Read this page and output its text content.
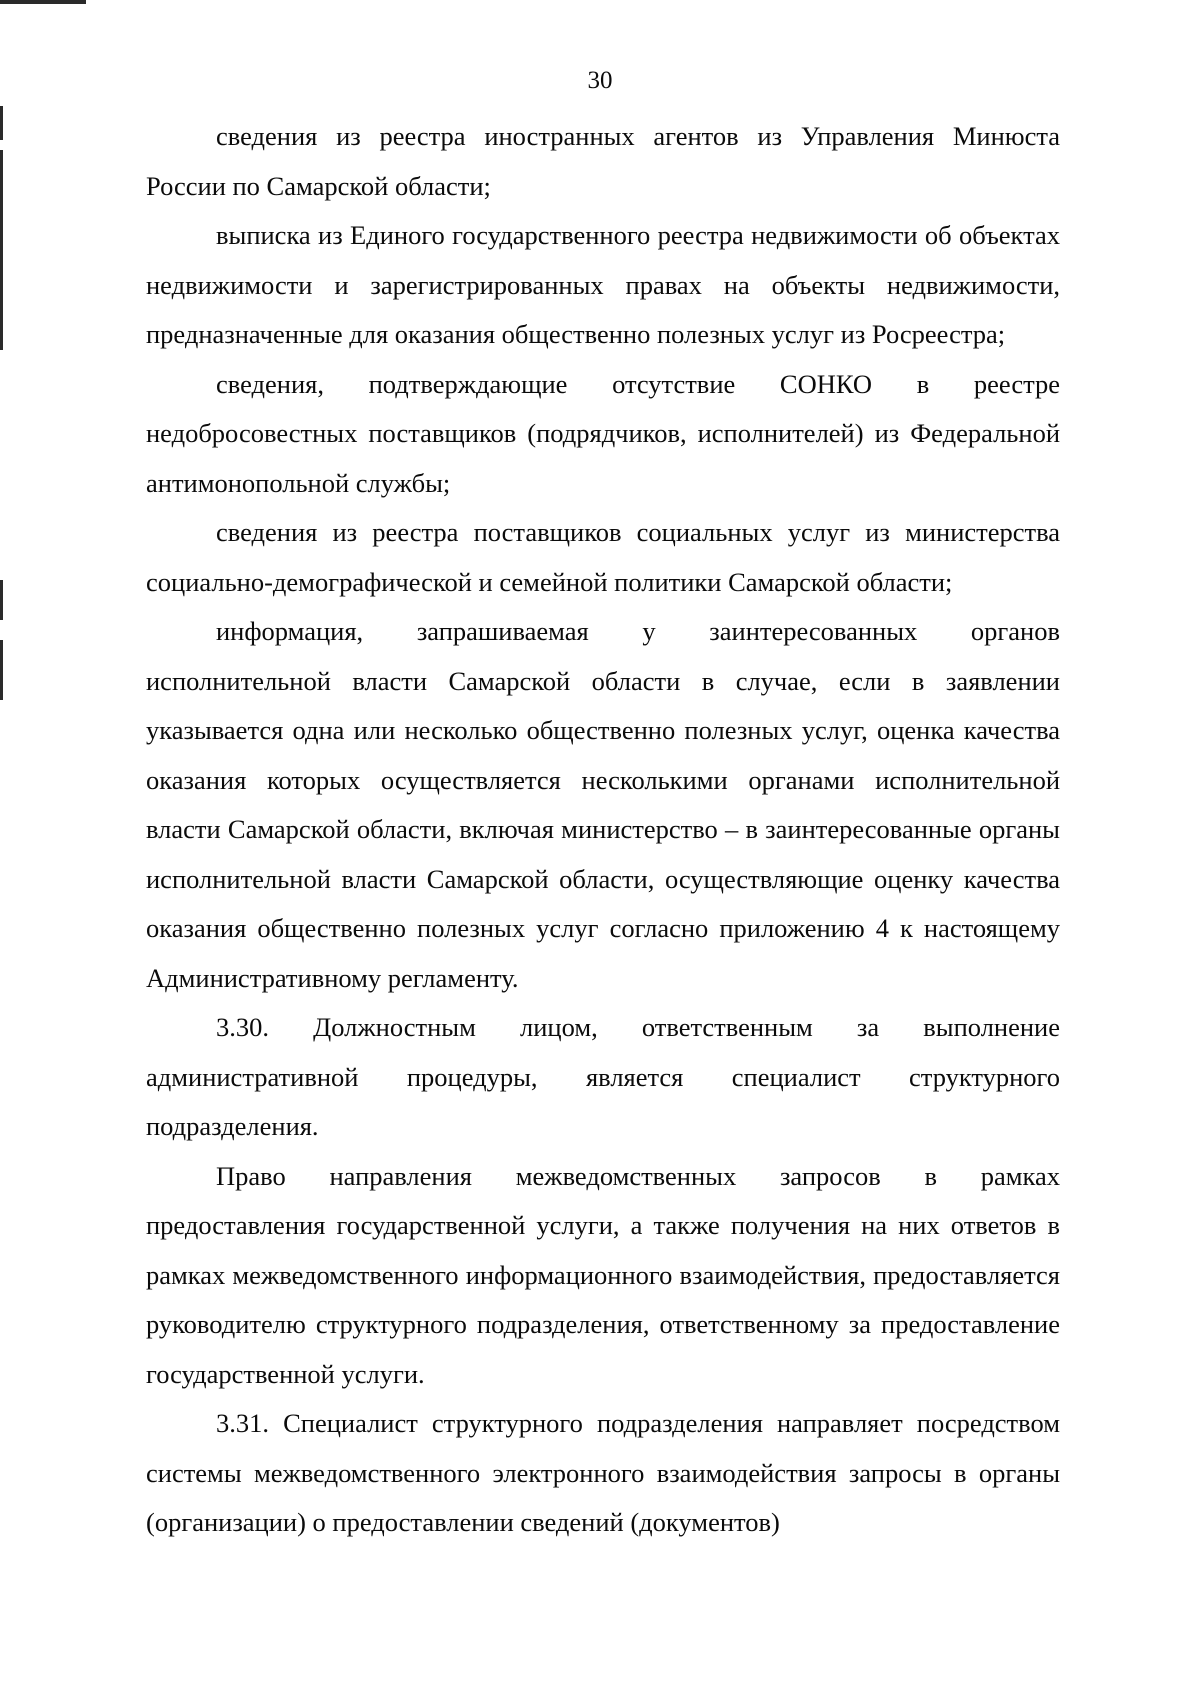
30

сведения из реестра иностранных агентов из Управления Минюста России по Самарской области;

выписка из Единого государственного реестра недвижимости об объектах недвижимости и зарегистрированных правах на объекты недвижимости, предназначенные для оказания общественно полезных услуг из Росреестра;

сведения, подтверждающие отсутствие СОНКО в реестре недобросовестных поставщиков (подрядчиков, исполнителей) из Федеральной антимонопольной службы;

сведения из реестра поставщиков социальных услуг из министерства социально-демографической и семейной политики Самарской области;

информация, запрашиваемая у заинтересованных органов исполнительной власти Самарской области в случае, если в заявлении указывается одна или несколько общественно полезных услуг, оценка качества оказания которых осуществляется несколькими органами исполнительной власти Самарской области, включая министерство – в заинтересованные органы исполнительной власти Самарской области, осуществляющие оценку качества оказания общественно полезных услуг согласно приложению 4 к настоящему Административному регламенту.

3.30. Должностным лицом, ответственным за выполнение административной процедуры, является специалист структурного подразделения.

Право направления межведомственных запросов в рамках предоставления государственной услуги, а также получения на них ответов в рамках межведомственного информационного взаимодействия, предоставляется руководителю структурного подразделения, ответственному за предоставление государственной услуги.

3.31. Специалист структурного подразделения направляет посредством системы межведомственного электронного взаимодействия запросы в органы (организации) о предоставлении сведений (документов)
